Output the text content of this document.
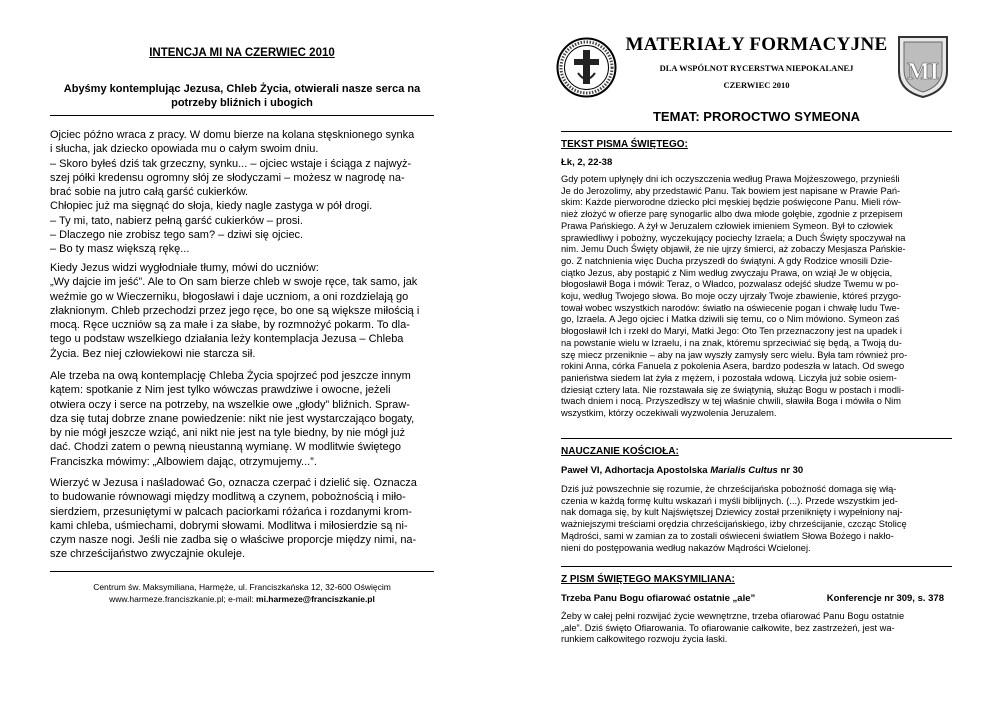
INTENCJA MI NA CZERWIEC 2010
Abyśmy kontemplując Jezusa, Chleb Życia, otwierali nasze serca na
potrzeby bliźnich i ubogich

Ojciec późno wraca z pracy. W domu bierze na kolana stęsknionego synka
i słucha, jak dziecko opowiada mu o całym swoim dniu.
– Skoro byłeś dziś tak grzeczny, synku... – ojciec wstaje i ściąga z najwyż-
szej półki kredensu ogromny słój ze słodyczami – możesz w nagrodę na-
brać sobie na jutro całą garść cukierków.
Chłopiec już ma sięgnąć do słoja, kiedy nagle zastyga w pół drogi.
– Ty mi, tato, nabierz pełną garść cukierków – prosi.
– Dlaczego nie zrobisz tego sam? – dziwi się ojciec.
– Bo ty masz większą rękę...

Kiedy Jezus widzi wygłodniałe tłumy, mówi do uczniów:
„Wy dajcie im jeść”. Ale to On sam bierze chleb w swoje ręce, tak samo, jak
weźmie go w Wieczerniku, błogosławi i daje uczniom, a oni rozdzielają go
złaknionym. Chleb przechodzi przez jego ręce, bo one są większe miłością i
mocą. Ręce uczniów są za małe i za słabe, by rozmnożyć pokarm. To dla-
tego u podstaw wszelkiego działania leży kontemplacja Jezusa – Chleba
Życia. Bez niej człowiekowi nie starcza sił.

Ale trzeba na ową kontemplację Chleba Życia spojrzeć pod jeszcze innym
kątem: spotkanie z Nim jest tylko wówczas prawdziwe i owocne, jeżeli
otwiera oczy i serce na potrzeby, na wszelkie owe „głody” bliźnich. Spraw-
dza się tutaj dobrze znane powiedzenie: nikt nie jest wystarczająco bogaty,
by nie mógł jeszcze wziąć, ani nikt nie jest na tyle biedny, by nie mógł już
dać. Chodzi zatem o pewną nieustanną wymianę. W modlitwie świętego
Franciszka mówimy: „Albowiem dając, otrzymujemy...”.

Wierzyć w Jezusa i naśladować Go, oznacza czerpać i dzielić się. Oznacza
to budowanie równowagi między modlitwą a czynem, pobożnością i miło-
sierdziem, przesuniętymi w palcach paciorkami różańca i rozdanymi krom-
kami chleba, uśmiechami, dobrymi słowami. Modlitwa i miłosierdzie są ni-
czym nasze nogi. Jeśli nie zadba się o właściwe proporcje między nimi, na-
sze chrześcijaństwo zwyczajnie okuleje.

Centrum św. Maksymiliana, Harmęże, ul. Franciszkańska 12, 32-600 Oświęcim
www.harmeze.franciszkanie.pl; e-mail: mi.harmeze@franciszkanie.pl
MI
MATERIAŁY FORMACYJNE
DLA WSPÓLNOT RYCERSTWA NIEPOKALANEJ
CZERWIEC 2010
TEMAT: PROROCTWO SYMEONA
TEKST PISMA ŚWIĘTEGO:
Łk, 2, 22-38

Gdy potem upłynęły dni ich oczyszczenia według Prawa Mojżeszowego, przynieśli
Je do Jerozolimy, aby przedstawić Panu. Tak bowiem jest napisane w Prawie Pań-
skim: Każde pierworodne dziecko płci męskiej będzie poświęcone Panu. Mieli rów-
nież złożyć w ofierze parę synogarlic albo dwa młode gołębie, zgodnie z przepisem
Prawa Pańskiego. A żył w Jeruzalem człowiek imieniem Symeon. Był to człowiek
sprawiedliwy i pobożny, wyczekujący pociechy Izraela; a Duch Święty spoczywał na
nim. Jemu Duch Święty objawił, że nie ujrzy śmierci, aż zobaczy Mesjasza Pańskie-
go. Z natchnienia więc Ducha przyszedł do świątyni. A gdy Rodzice wnosili Dzie-
ciątko Jezus, aby postąpić z Nim według zwyczaju Prawa, on wziął Je w objęcia,
błogosławił Boga i mówił: Teraz, o Władco, pozwalasz odejść słudze Twemu w po-
koju, według Twojego słowa. Bo moje oczy ujrzały Twoje zbawienie, któreś przygo-
tował wobec wszystkich narodów: światło na oświecenie pogan i chwałę ludu Twe-
go, Izraela. A Jego ojciec i Matka dziwili się temu, co o Nim mówiono. Symeon zaś
błogosławił Ich i rzekł do Maryi, Matki Jego: Oto Ten przeznaczony jest na upadek i
na powstanie wielu w Izraelu, i na znak, któremu sprzeciwiać się będą, a Twoją du-
szę miecz przeniknie – aby na jaw wyszły zamysły serc wielu. Była tam również pro-
rokini Anna, córka Fanuela z pokolenia Asera, bardzo podeszła w latach. Od swego
panieństwa siedem lat żyła z mężem, i pozostała wdową. Liczyła już sobie osiem-
dziesiąt cztery lata. Nie rozstawała się ze świątynią, służąc Bogu w postach i modli-
twach dniem i nocą. Przyszedłszy w tej właśnie chwili, sławiła Boga i mówiła o Nim
wszystkim, którzy oczekiwali wyzwolenia Jeruzalem.

NAUCZANIE KOŚCIOŁA:
Paweł VI, Adhortacja Apostolska Marialis Cultus nr 30

Dziś już powszechnie się rozumie, że chrześcijańska pobożność domaga się włą-
czenia w każdą formę kultu wskazań i myśli biblijnych. (...). Przede wszystkim jed-
nak domaga się, by kult Najświętszej Dziewicy został przeniknięty i wypełniony naj-
ważniejszymi treściami orędzia chrześcijańskiego, iżby chrześcijanie, czcząc Stolicę
Mądrości, sami w zamian za to zostali oświeceni światłem Słowa Bożego i nakło-
nieni do postępowania według nakazów Mądrości Wcielonej.

Z PISM ŚWIĘTEGO MAKSYMILIANA:
Trzeba Panu Bogu ofiarować ostatnie „ale”	Konferencje nr 309, s. 378

Żeby w całej pełni rozwijać życie wewnętrzne, trzeba ofiarować Panu Bogu ostatnie
„ale”. Dziś święto Ofiarowania. To ofiarowanie całkowite, bez zastrzeżeń, jest wa-
runkiem całkowitego rozwoju życia łaski.
